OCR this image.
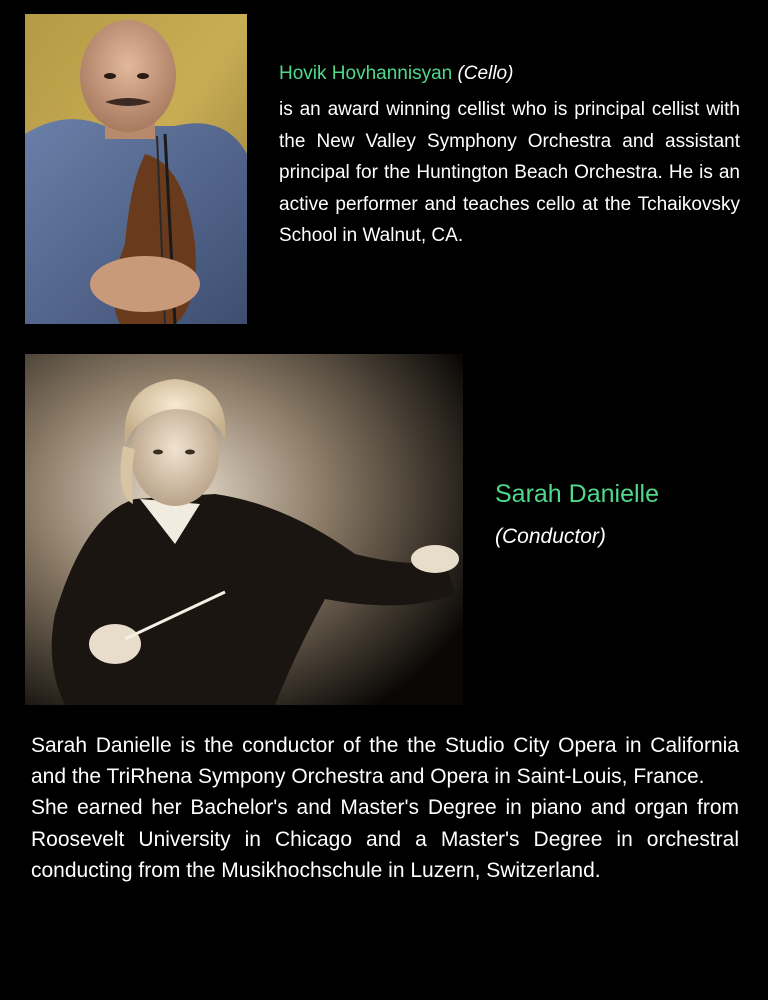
Hovik Hovhannisyan (Cello)

is an award winning cellist who is principal cellist with the New Valley Symphony Orchestra and assistant principal for the Huntington Beach Orchestra. He is an active performer and teaches cello at the Tchaikovsky School in Walnut, CA.

Sarah Danielle

(Conductor)

Sarah Danielle is the conductor of the the Studio City Opera in California and the TriRhena Sympony Orchestra and Opera in Saint-Louis, France.

She earned her Bachelor's and Master's Degree in piano and organ from Roosevelt University in Chicago and a Master's Degree in orchestral conducting from the Musikhochschule in Luzern, Switzerland.
